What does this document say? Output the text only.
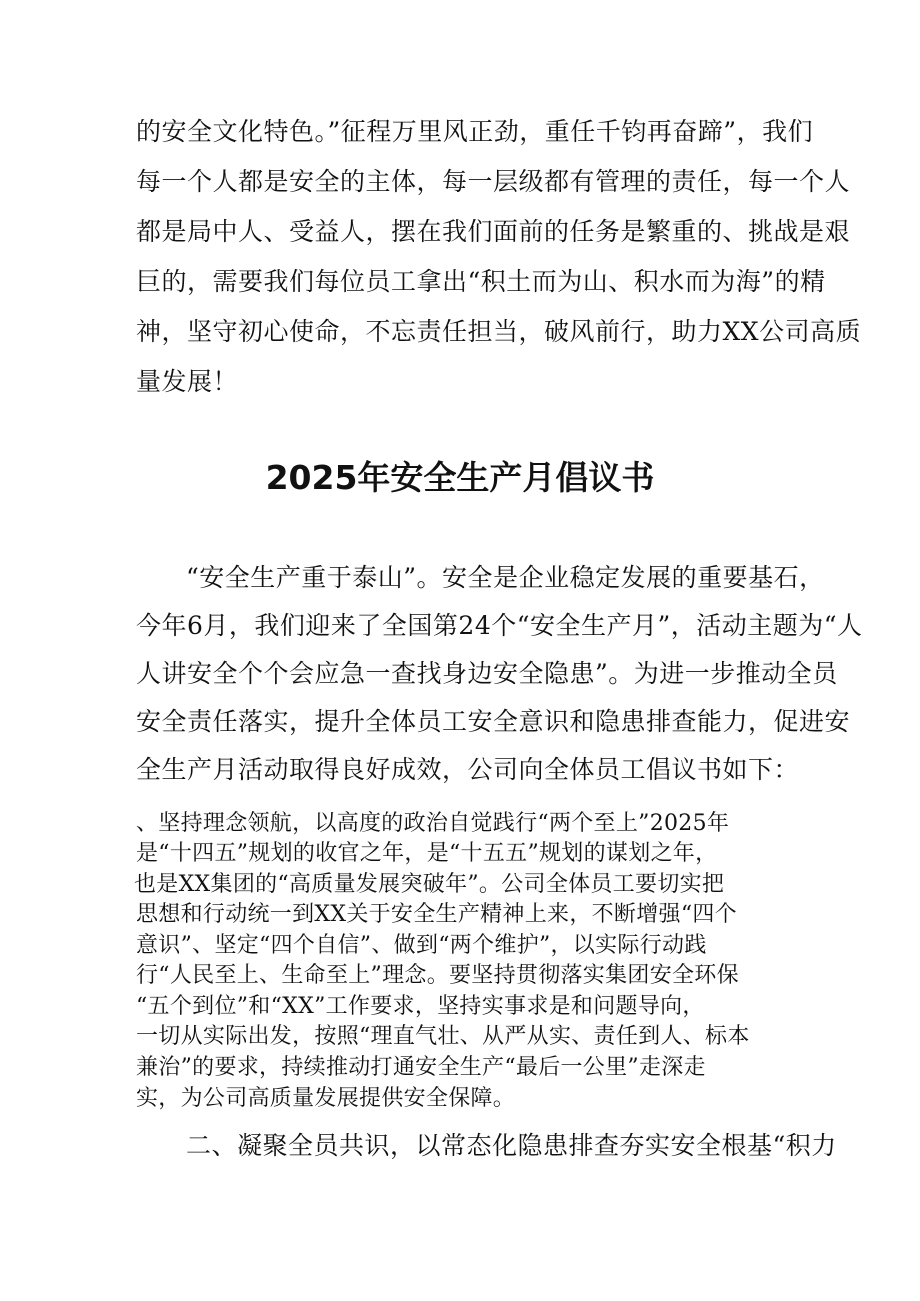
的安全文化特色。”征程万里风正劲，重任千钧再奋蹄”，我们

每一个人都是安全的主体，每一层级都有管理的责任，每一个人

都是局中人、受益人，摆在我们面前的任务是繁重的、挑战是艰

巨的，需要我们每位员工拿出“积土而为山、积水而为海”的精

神，坚守初心使命，不忘责任担当，破风前行，助力XX公司高质

量发展！

2025年安全生产月倡议书

“安全生产重于泰山”。安全是企业稳定发展的重要基石，

今年6月，我们迎来了全国第24个“安全生产月”，活动主题为“人

人讲安全个个会应急一查找身边安全隐患”。为进一步推动全员

安全责任落实，提升全体员工安全意识和隐患排查能力，促进安

全生产月活动取得良好成效，公司向全体员工倡议书如下：

、坚持理念领航，以高度的政治自觉践行“两个至上”2025年

是“十四五”规划的收官之年，是“十五五”规划的谋划之年，

也是XX集团的“高质量发展突破年”。公司全体员工要切实把

思想和行动统一到XX关于安全生产精神上来，不断增强“四个

意识”、坚定“四个自信”、做到“两个维护”，以实际行动践

行“人民至上、生命至上”理念。要坚持贯彻落实集团安全环保

“五个到位”和“XX”工作要求，坚持实事求是和问题导向，

一切从实际出发，按照“理直气壮、从严从实、责任到人、标本

兼治”的要求，持续推动打通安全生产“最后一公里”走深走

实，为公司高质量发展提供安全保障。

二、凝聚全员共识，以常态化隐患排查夯实安全根基“积力
